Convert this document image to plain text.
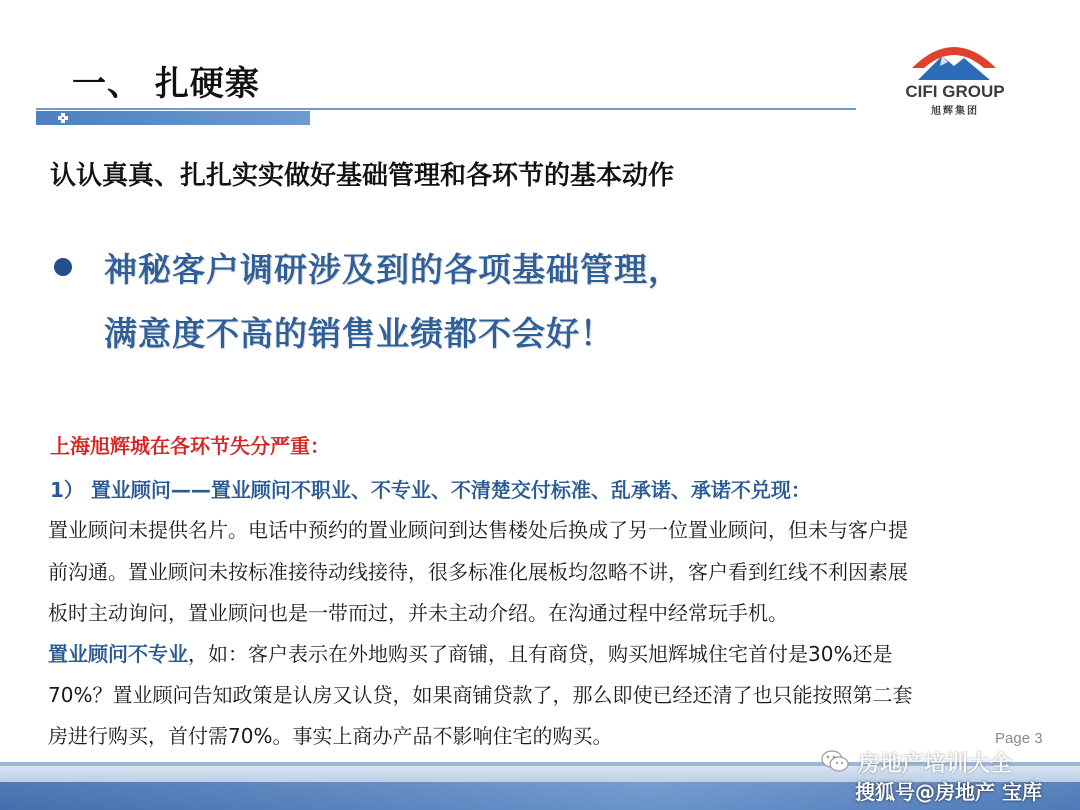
一、 扎硬寨	CIFI GROUP
旭辉集团
认认真真、扎扎实实做好基础管理和各环节的基本动作
神秘客户调研涉及到的各项基础管理，
满意度不高的销售业绩都不会好！
上海旭辉城在各环节失分严重：
1） 置业顾问——置业顾问不职业、不专业、不清楚交付标准、乱承诺、承诺不兑现：
置业顾问未提供名片。电话中预约的置业顾问到达售楼处后换成了另一位置业顾问，但未与客户提
前沟通。置业顾问未按标准接待动线接待，很多标准化展板均忽略不讲，客户看到红线不利因素展
板时主动询问，置业顾问也是一带而过，并未主动介绍。在沟通过程中经常玩手机。
置业顾问不专业，如：客户表示在外地购买了商铺，且有商贷，购买旭辉城住宅首付是30%还是
70%？置业顾问告知政策是认房又认贷，如果商铺贷款了，那么即使已经还清了也只能按照第二套
房进行购买，首付需70%。事实上商办产品不影响住宅的购买。	Page 3
房地产培训大全
搜狐号@房地产 宝库
